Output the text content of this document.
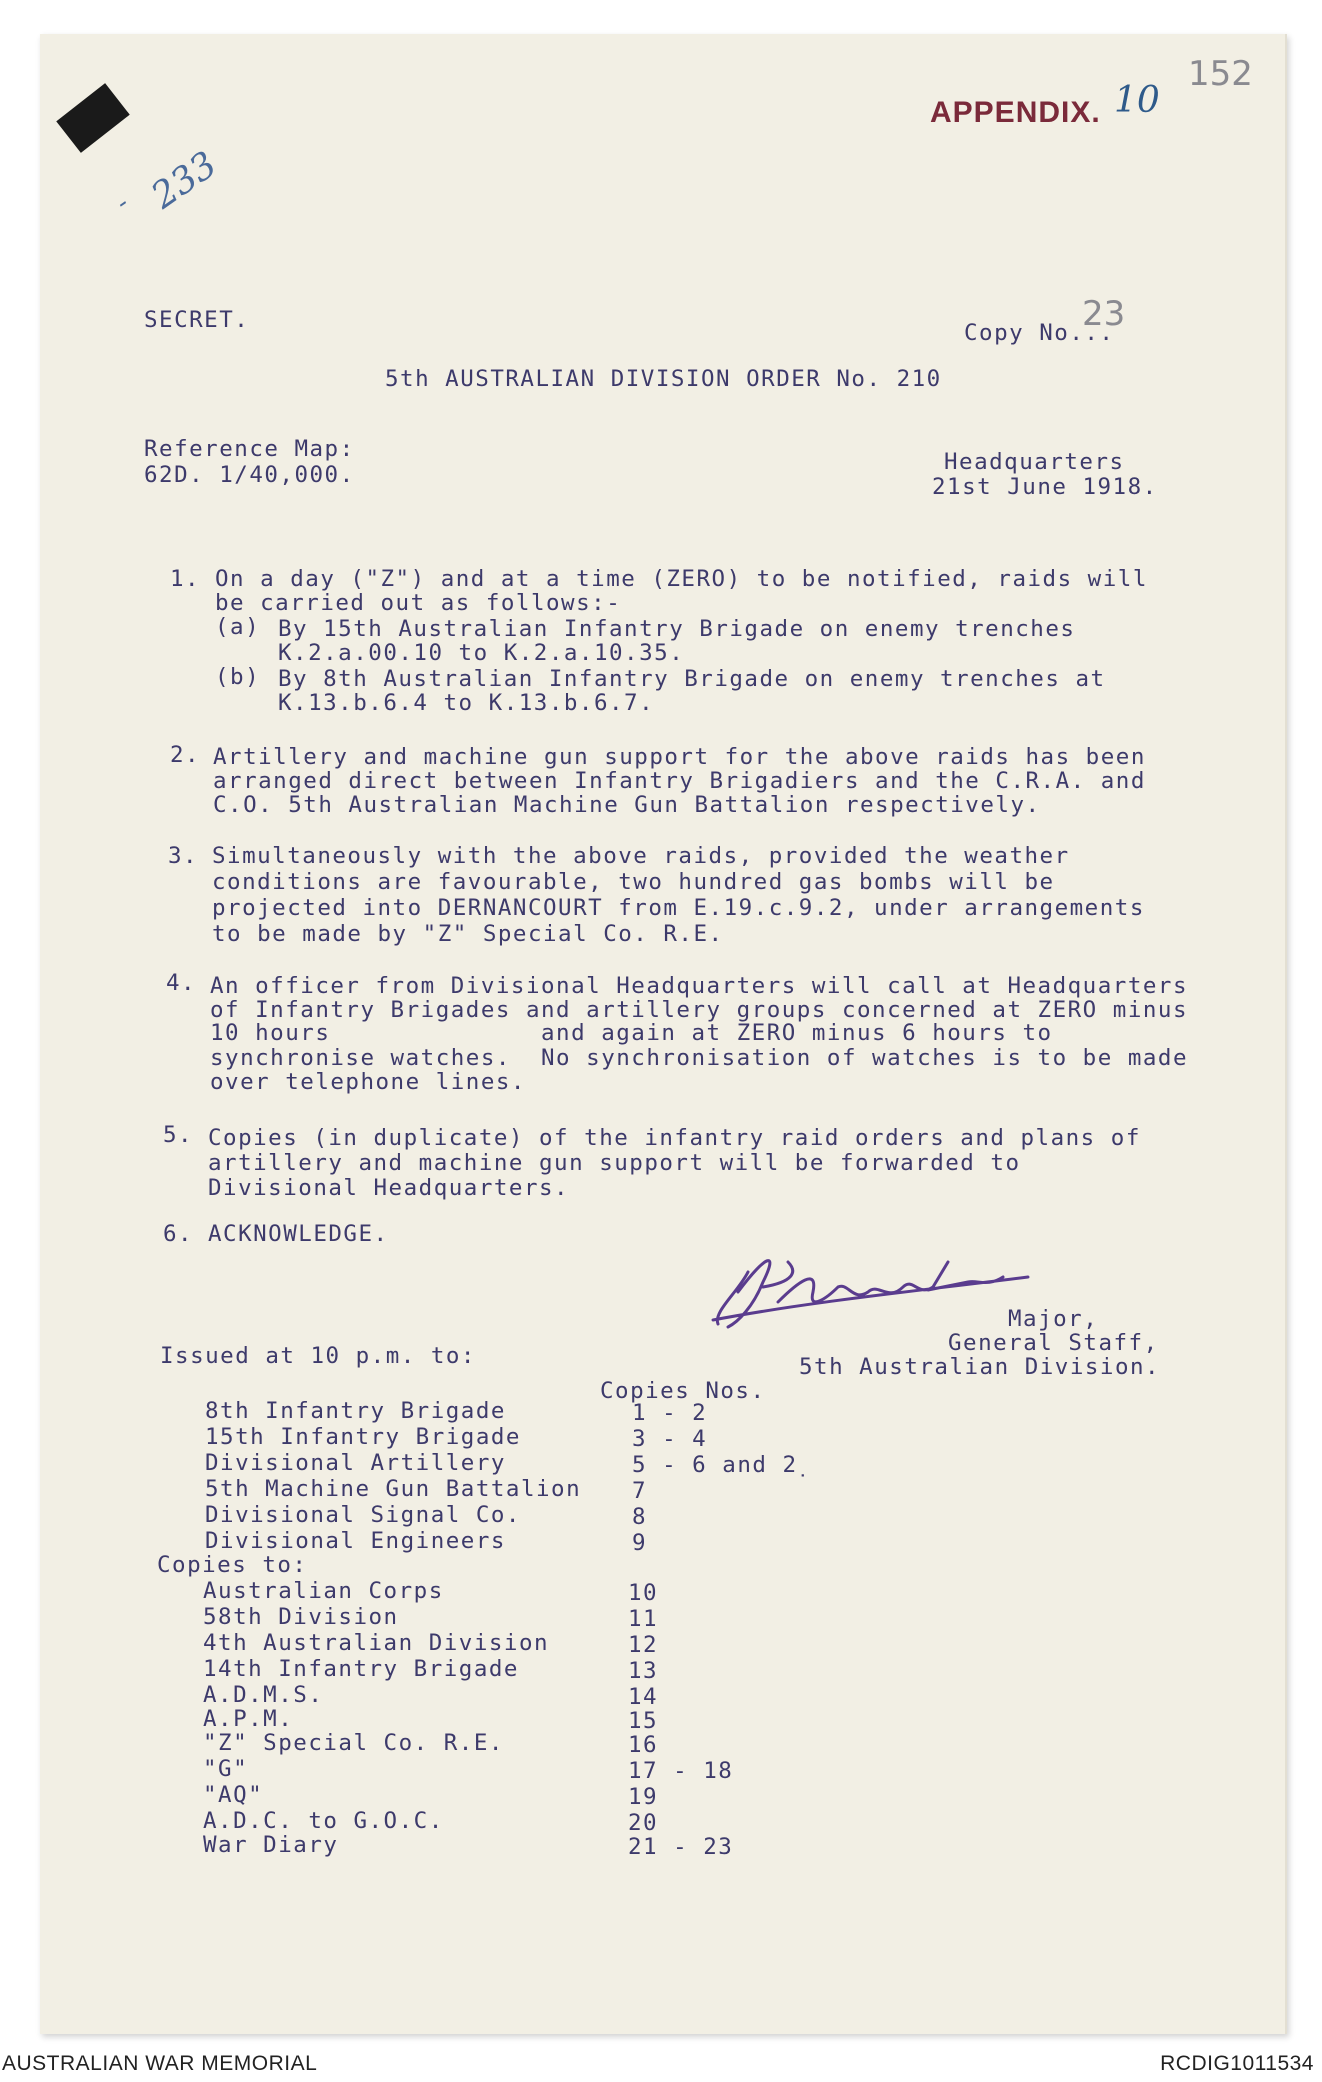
APPENDIX. 10
152
233
-
SECRET.	Copy No...
23
5th AUSTRALIAN DIVISION ORDER No. 210
Reference Map:
62D. 1/40,000.	Headquarters
21st June 1918.
1. On a day ("Z") and at a time (ZERO) to be notified, raids will
be carried out as follows:-
(a) By 15th Australian Infantry Brigade on enemy trenches
K.2.a.00.10 to K.2.a.10.35.
(b) By 8th Australian Infantry Brigade on enemy trenches at
K.13.b.6.4 to K.13.b.6.7.
2. Artillery and machine gun support for the above raids has been
arranged direct between Infantry Brigadiers and the C.R.A. and
C.O. 5th Australian Machine Gun Battalion respectively.
3. Simultaneously with the above raids, provided the weather
conditions are favourable, two hundred gas bombs will be
projected into DERNANCOURT from E.19.c.9.2, under arrangements
to be made by "Z" Special Co. R.E.
4. An officer from Divisional Headquarters will call at Headquarters
of Infantry Brigades and artillery groups concerned at ZERO minus
10 hours              and again at ZERO minus 6 hours to
synchronise watches.  No synchronisation of watches is to be made
over telephone lines.
5. Copies (in duplicate) of the infantry raid orders and plans of
artillery and machine gun support will be forwarded to
Divisional Headquarters.
6. ACKNOWLEDGE.
Major,
General Staff,
5th Australian Division.
Issued at 10 p.m. to:
Copies Nos.
8th Infantry Brigade	1 - 2
15th Infantry Brigade	3 - 4
Divisional Artillery	5 - 6 and 2̣
5th Machine Gun Battalion 7
Divisional Signal Co.	8
Divisional Engineers	9
Copies to:
Australian Corps	10
58th Division	11
4th Australian Division	12
14th Infantry Brigade	13
A.D.M.S.	14
A.P.M.	15
"Z" Special Co. R.E.	16
"G"	17 - 18
"AQ"	19
A.D.C. to G.O.C.	20
War Diary	21 - 23
AUSTRALIAN WAR MEMORIAL	RCDIG1011534
